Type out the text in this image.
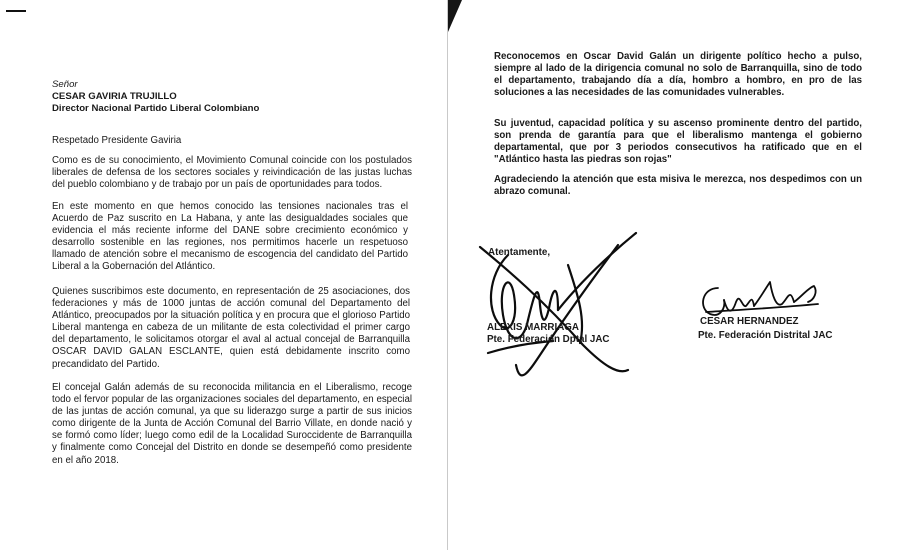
Señor
CESAR GAVIRIA TRUJILLO
Director Nacional Partido Liberal Colombiano

Respetado Presidente Gaviria

Como es de su conocimiento, el Movimiento Comunal coincide con los postulados liberales de defensa de los sectores sociales y reivindicación de las justas luchas del pueblo colombiano y de trabajo por un país de oportunidades para todos.

En este momento en que hemos conocido las tensiones nacionales tras el Acuerdo de Paz suscrito en La Habana, y ante las desigualdades sociales que evidencia el más reciente informe del DANE sobre crecimiento económico y desarrollo sostenible en las regiones, nos permitimos hacerle un respetuoso llamado de atención sobre el mecanismo de escogencia del candidato del Partido Liberal a la Gobernación del Atlántico.

Quienes suscribimos este documento, en representación de 25 asociaciones, dos federaciones y más de 1000 juntas de acción comunal del Departamento del Atlántico, preocupados por la situación política y en procura que el glorioso Partido Liberal mantenga en cabeza de un militante de esta colectividad el primer cargo del departamento, le solicitamos otorgar el aval al actual concejal de Barranquilla OSCAR DAVID GALAN ESCLANTE, quien está debidamente inscrito como precandidato del Partido.

El concejal Galán además de su reconocida militancia en el Liberalismo, recoge todo el fervor popular de las organizaciones sociales del departamento, en especial de las juntas de acción comunal, ya que su liderazgo surge a partir de sus inicios como dirigente de la Junta de Acción Comunal del Barrio Villate, en donde nació y se formó como líder; luego como edil de la Localidad Suroccidente de Barranquilla y finalmente como Concejal del Distrito en donde se desempeñó como presidente en el año 2018.

Reconocemos en Oscar David Galán un dirigente político hecho a pulso, siempre al lado de la dirigencia comunal no solo de Barranquilla, sino de todo el departamento, trabajando día a día, hombro a hombro, en pro de las soluciones a las necesidades de las comunidades vulnerables.

Su juventud, capacidad política y su ascenso prominente dentro del partido, son prenda de garantía para que el liberalismo mantenga el gobierno departamental, que por 3 periodos consecutivos ha ratificado que en el "Atlántico hasta las piedras son rojas"

Agradeciendo la atención que esta misiva le merezca, nos despedimos con un abrazo comunal.

Atentamente,
ALEXIS MARRIAGA
Pte. Federación Dptal JAC
CESAR HERNANDEZ
Pte. Federación Distrital JAC
